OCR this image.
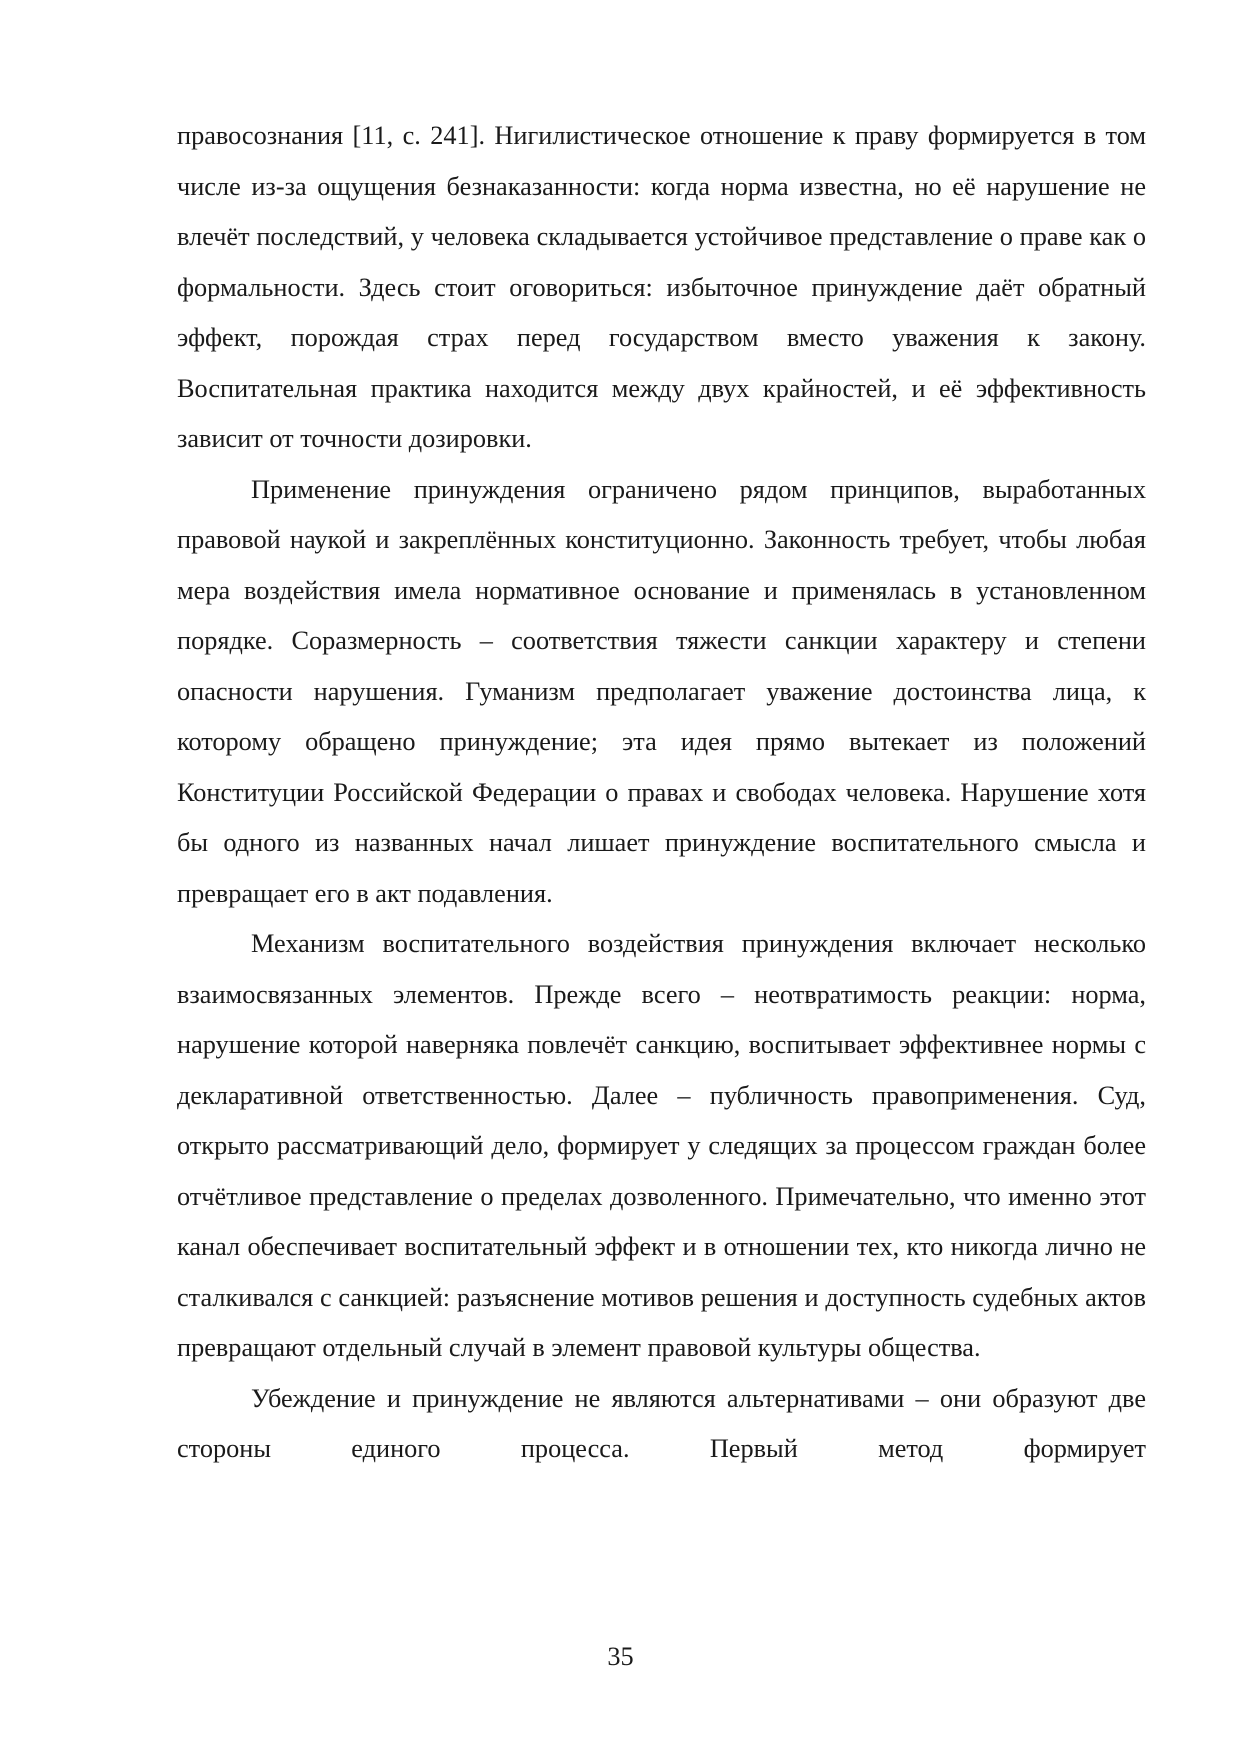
правосознания [11, с. 241]. Нигилистическое отношение к праву формируется в том числе из-за ощущения безнаказанности: когда норма известна, но её нарушение не влечёт последствий, у человека складывается устойчивое представление о праве как о формальности. Здесь стоит оговориться: избыточное принуждение даёт обратный эффект, порождая страх перед государством вместо уважения к закону. Воспитательная практика находится между двух крайностей, и её эффективность зависит от точности дозировки.

Применение принуждения ограничено рядом принципов, выработанных правовой наукой и закреплённых конституционно. Законность требует, чтобы любая мера воздействия имела нормативное основание и применялась в установленном порядке. Соразмерность – соответствия тяжести санкции характеру и степени опасности нарушения. Гуманизм предполагает уважение достоинства лица, к которому обращено принуждение; эта идея прямо вытекает из положений Конституции Российской Федерации о правах и свободах человека. Нарушение хотя бы одного из названных начал лишает принуждение воспитательного смысла и превращает его в акт подавления.

Механизм воспитательного воздействия принуждения включает несколько взаимосвязанных элементов. Прежде всего – неотвратимость реакции: норма, нарушение которой наверняка повлечёт санкцию, воспитывает эффективнее нормы с декларативной ответственностью. Далее – публичность правоприменения. Суд, открыто рассматривающий дело, формирует у следящих за процессом граждан более отчётливое представление о пределах дозволенного. Примечательно, что именно этот канал обеспечивает воспитательный эффект и в отношении тех, кто никогда лично не сталкивался с санкцией: разъяснение мотивов решения и доступность судебных актов превращают отдельный случай в элемент правовой культуры общества.

Убеждение и принуждение не являются альтернативами – они образуют две стороны единого процесса. Первый метод формирует

35
